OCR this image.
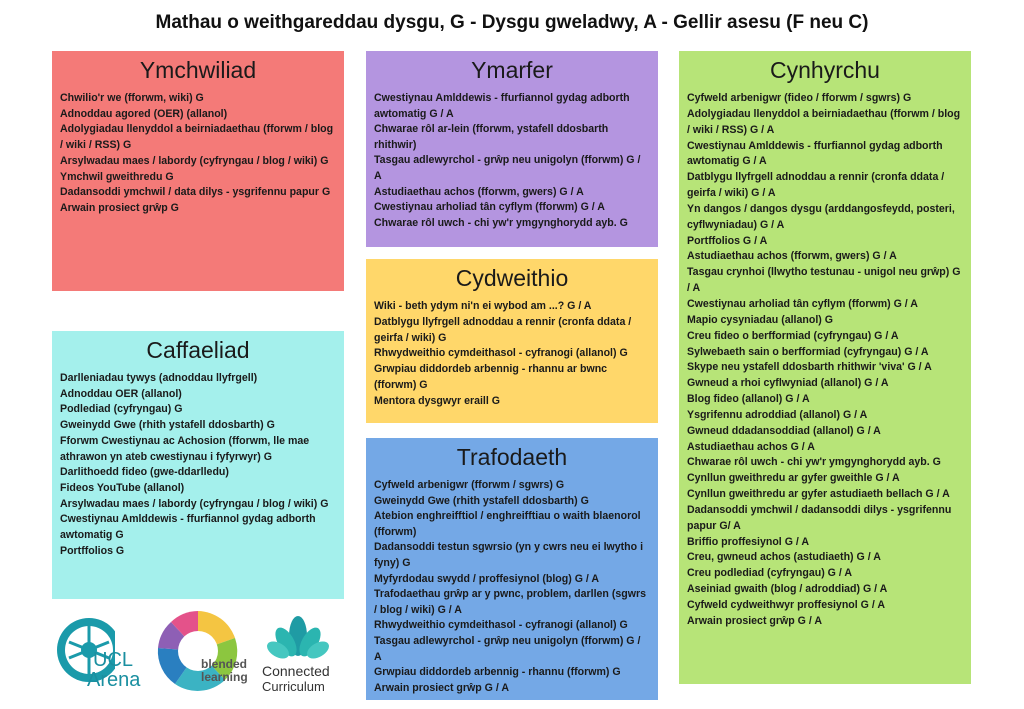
Mathau o weithgareddau dysgu, G - Dysgu gweladwy, A - Gellir asesu (F neu C)
Ymchwiliad
Chwilio'r we (fforwm, wiki) G
Adnoddau agored (OER) (allanol)
Adolygiadau llenyddol a beirniadaethau (fforwm / blog / wiki / RSS) G
Arsylwadau maes / labordy (cyfryngau / blog / wiki) G
Ymchwil gweithredu G
Dadansoddi ymchwil / data dilys - ysgrifennu papur G
Arwain prosiect grŵp G
Caffaeliad
Darlleniadau tywys (adnoddau llyfrgell)
Adnoddau OER (allanol)
Podlediad (cyfryngau) G
Gweinydd Gwe (rhith ystafell ddosbarth) G
Fforwm Cwestiynau ac Achosion (fforwm, lle mae athrawon yn ateb cwestiynau i fyfyrwyr) G
Darlithoedd fideo (gwe-ddarlledu)
Fideos YouTube (allanol)
Arsylwadau maes / labordy (cyfryngau / blog / wiki) G
Cwestiynau Amlddewis - ffurfiannol gydag adborth awtomatig G
Portffolios G
Ymarfer
Cwestiynau Amlddewis - ffurfiannol gydag adborth awtomatig G / A
Chwarae rôl ar-lein (fforwm, ystafell ddosbarth rhithwir)
Tasgau adlewyrchol - grŵp neu unigolyn (fforwm) G / A
Astudiaethau achos (fforwm, gwers) G / A
Cwestiynau arholiad tân cyflym (fforwm) G / A
Chwarae rôl uwch - chi yw'r ymgynghorydd ayb. G
Cydweithio
Wiki - beth ydym ni'n ei wybod am ...? G / A
Datblygu llyfrgell adnoddau a rennir (cronfa ddata / geirfa / wiki) G
Rhwydweithio cymdeithasol - cyfranogi (allanol) G
Grwpiau diddordeb arbennig - rhannu ar bwnc (fforwm) G
Mentora dysgwyr eraill G
Trafodaeth
Cyfweld arbenigwr (fforwm / sgwrs) G
Gweinydd Gwe (rhith ystafell ddosbarth) G
Atebion enghreifftiol / enghreifftiau o waith blaenorol (fforwm)
Dadansoddi testun sgwrsio (yn y cwrs neu ei lwytho i fyny) G
Myfyrdodau swydd / proffesiynol (blog) G / A
Trafodaethau grŵp ar y pwnc, problem, darllen (sgwrs / blog / wiki) G / A
Rhwydweithio cymdeithasol - cyfranogi (allanol) G
Tasgau adlewyrchol - grŵp neu unigolyn (fforwm) G / A
Grwpiau diddordeb arbennig - rhannu (fforwm) G
Arwain prosiect grŵp G / A
Cynhyrchu
Cyfweld arbenigwr (fideo / fforwm / sgwrs) G
Adolygiadau llenyddol a beirniadaethau (fforwm / blog / wiki / RSS) G / A
Cwestiynau Amlddewis - ffurfiannol gydag adborth awtomatig G / A
Datblygu llyfrgell adnoddau a rennir (cronfa ddata / geirfa / wiki) G / A
Yn dangos / dangos dysgu (arddangosfeydd, posteri, cyflwyniadau) G / A
Portffolios G / A
Astudiaethau achos (fforwm, gwers) G / A
Tasgau crynhoi (llwytho testunau - unigol neu grŵp) G / A
Cwestiynau arholiad tân cyflym (fforwm) G / A
Mapio cysyniadau (allanol) G
Creu fideo o berfformiad (cyfryngau) G / A
Sylwebaeth sain o berfformiad (cyfryngau) G / A
Skype neu ystafell ddosbarth rhithwir 'viva' G / A
Gwneud a rhoi cyflwyniad (allanol) G / A
Blog fideo (allanol) G / A
Ysgrifennu adroddiad (allanol) G / A
Gwneud ddadansoddiad (allanol) G / A
Astudiaethau achos G / A
Chwarae rôl uwch - chi yw'r ymgynghorydd ayb. G
Cynllun gweithredu ar gyfer gweithle G / A
Cynllun gweithredu ar gyfer astudiaeth bellach G / A
Dadansoddi ymchwil / dadansoddi dilys - ysgrifennu papur G/ A
Briffio proffesiynol G / A
Creu, gwneud achos (astudiaeth) G / A
Creu podlediad (cyfryngau) G / A
Aseiniad gwaith (blog / adroddiad) G / A
Cyfweld cydweithwyr proffesiynol G / A
Arwain prosiect grŵp G / A
UCL
Arena
blended
learning Connected
Curriculum
